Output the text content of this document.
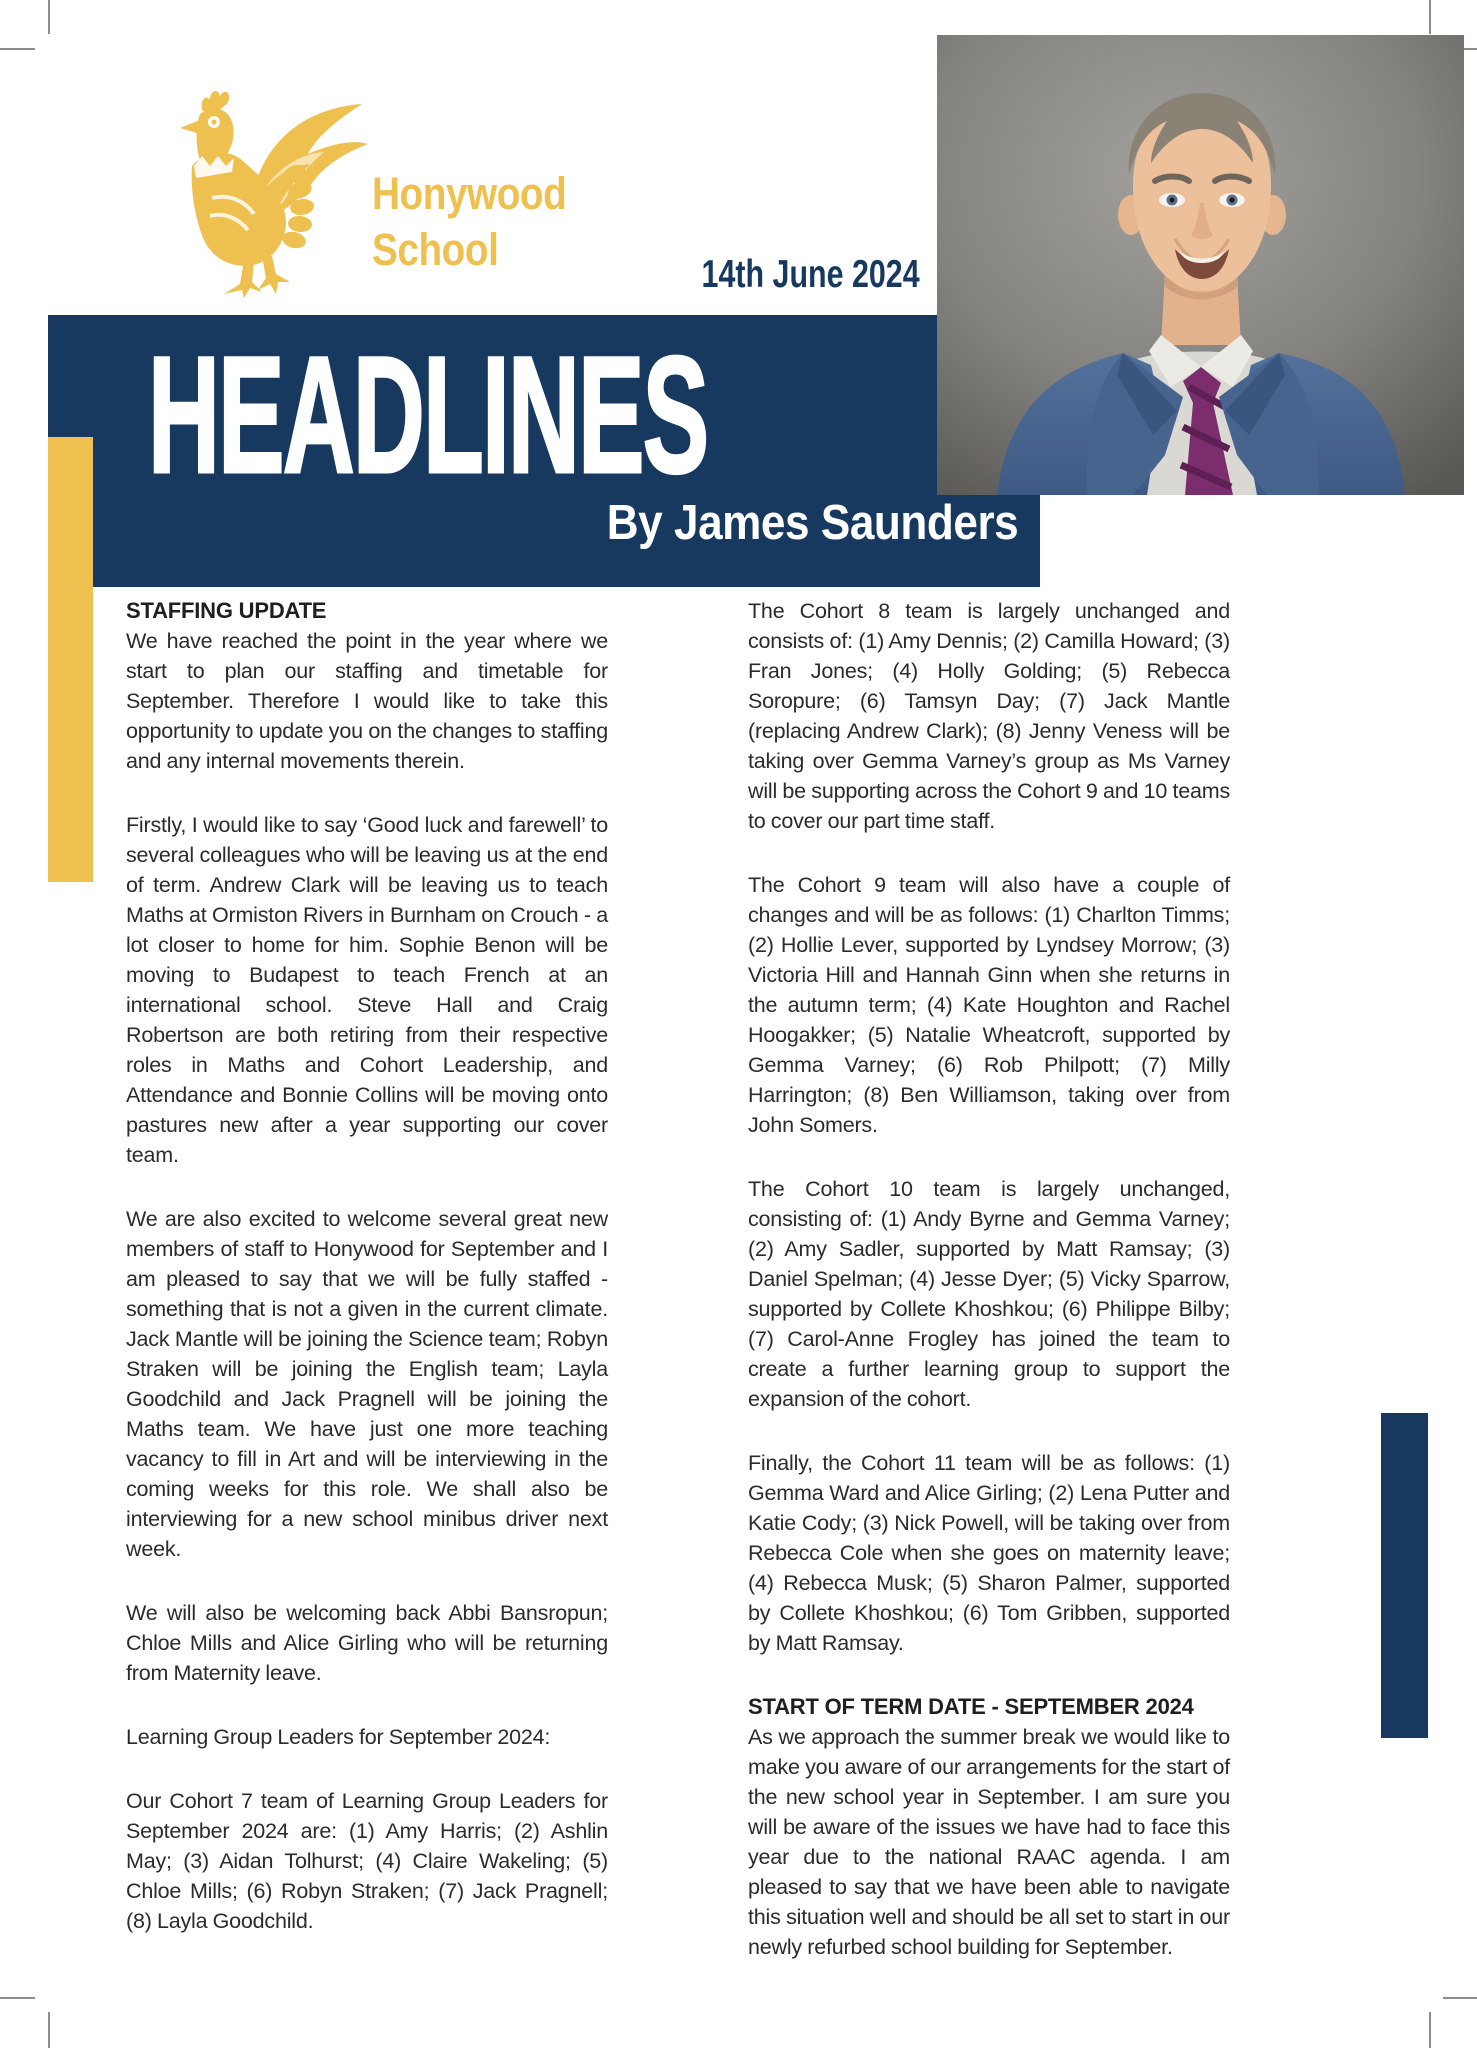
Honywood
School	14th June 2024
HEADLINES
By James Saunders
STAFFING UPDATE
We have reached the point in the year where we start to plan our staffing and timetable for September. Therefore I would like to take this opportunity to update you on the changes to staffing and any internal movements therein.
Firstly, I would like to say ‘Good luck and farewell’ to several colleagues who will be leaving us at the end of term. Andrew Clark will be leaving us to teach Maths at Ormiston Rivers in Burnham on Crouch - a lot closer to home for him. Sophie Benon will be moving to Budapest to teach French at an international school. Steve Hall and Craig Robertson are both retiring from their respective roles in Maths and Cohort Leadership, and Attendance and Bonnie Collins will be moving onto pastures new after a year supporting our cover team.
We are also excited to welcome several great new members of staff to Honywood for September and I am pleased to say that we will be fully staffed - something that is not a given in the current climate. Jack Mantle will be joining the Science team; Robyn Straken will be joining the English team; Layla Goodchild and Jack Pragnell will be joining the Maths team. We have just one more teaching vacancy to fill in Art and will be interviewing in the coming weeks for this role. We shall also be interviewing for a new school minibus driver next week.
We will also be welcoming back Abbi Bansropun; Chloe Mills and Alice Girling who will be returning from Maternity leave.
Learning Group Leaders for September 2024:
Our Cohort 7 team of Learning Group Leaders for September 2024 are: (1) Amy Harris; (2) Ashlin May; (3) Aidan Tolhurst; (4) Claire Wakeling; (5) Chloe Mills; (6) Robyn Straken; (7) Jack Pragnell; (8) Layla Goodchild.
The Cohort 8 team is largely unchanged and consists of: (1) Amy Dennis; (2) Camilla Howard; (3) Fran Jones; (4) Holly Golding; (5) Rebecca Soropure; (6) Tamsyn Day; (7) Jack Mantle (replacing Andrew Clark); (8) Jenny Veness will be taking over Gemma Varney’s group as Ms Varney will be supporting across the Cohort 9 and 10 teams to cover our part time staff.
The Cohort 9 team will also have a couple of changes and will be as follows: (1) Charlton Timms; (2) Hollie Lever, supported by Lyndsey Morrow; (3) Victoria Hill and Hannah Ginn when she returns in the autumn term; (4) Kate Houghton and Rachel Hoogakker; (5) Natalie Wheatcroft, supported by Gemma Varney; (6) Rob Philpott; (7) Milly Harrington; (8) Ben Williamson, taking over from John Somers.
The Cohort 10 team is largely unchanged, consisting of: (1) Andy Byrne and Gemma Varney; (2) Amy Sadler, supported by Matt Ramsay; (3) Daniel Spelman; (4) Jesse Dyer; (5) Vicky Sparrow, supported by Collete Khoshkou; (6) Philippe Bilby; (7) Carol-Anne Frogley has joined the team to create a further learning group to support the expansion of the cohort.
Finally, the Cohort 11 team will be as follows: (1) Gemma Ward and Alice Girling; (2) Lena Putter and Katie Cody; (3) Nick Powell, will be taking over from Rebecca Cole when she goes on maternity leave; (4) Rebecca Musk; (5) Sharon Palmer, supported by Collete Khoshkou; (6) Tom Gribben, supported by Matt Ramsay.
START OF TERM DATE - SEPTEMBER 2024
As we approach the summer break we would like to make you aware of our arrangements for the start of the new school year in September. I am sure you will be aware of the issues we have had to face this year due to the national RAAC agenda. I am pleased to say that we have been able to navigate this situation well and should be all set to start in our newly refurbed school building for September.
